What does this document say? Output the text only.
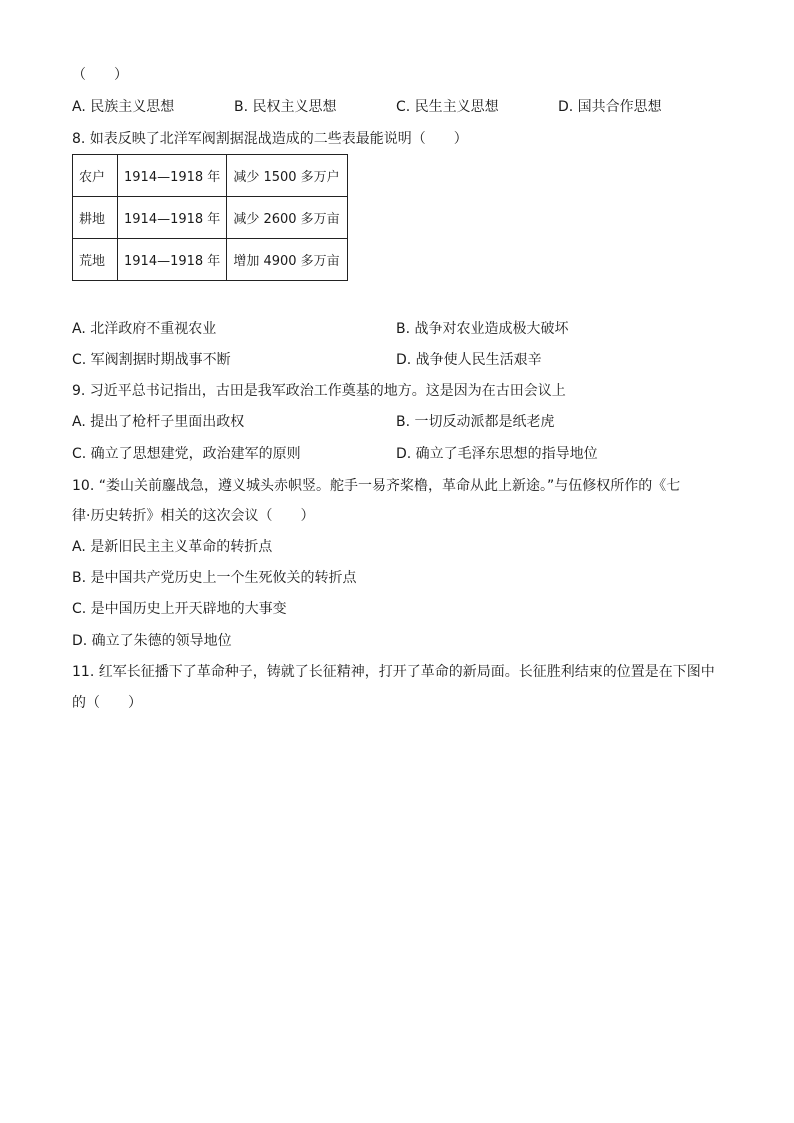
（　　）
A. 民族主义思想	B. 民权主义思想	C. 民生主义思想	D. 国共合作思想
8. 如表反映了北洋军阀割据混战造成的二些表最能说明（　　）
农户	1914—1918 年	减少 1500 多万户
耕地	1914—1918 年	减少 2600 多万亩
荒地	1914—1918 年	增加 4900 多万亩
A. 北洋政府不重视农业	B. 战争对农业造成极大破坏
C. 军阀割据时期战事不断	D. 战争使人民生活艰辛
9. 习近平总书记指出，古田是我军政治工作奠基的地方。这是因为在古田会议上
A. 提出了枪杆子里面出政权	B. 一切反动派都是纸老虎
C. 确立了思想建党，政治建军的原则	D. 确立了毛泽东思想的指导地位
10. “娄山关前鏖战急，遵义城头赤帜竖。舵手一易齐桨橹，革命从此上新途。”与伍修权所作的《七
律·历史转折》相关的这次会议（　　）
A. 是新旧民主主义革命的转折点
B. 是中国共产党历史上一个生死攸关的转折点
C. 是中国历史上开天辟地的大事变
D. 确立了朱德的领导地位
11. 红军长征播下了革命种子，铸就了长征精神，打开了革命的新局面。长征胜利结束的位置是在下图中
的（　　）
